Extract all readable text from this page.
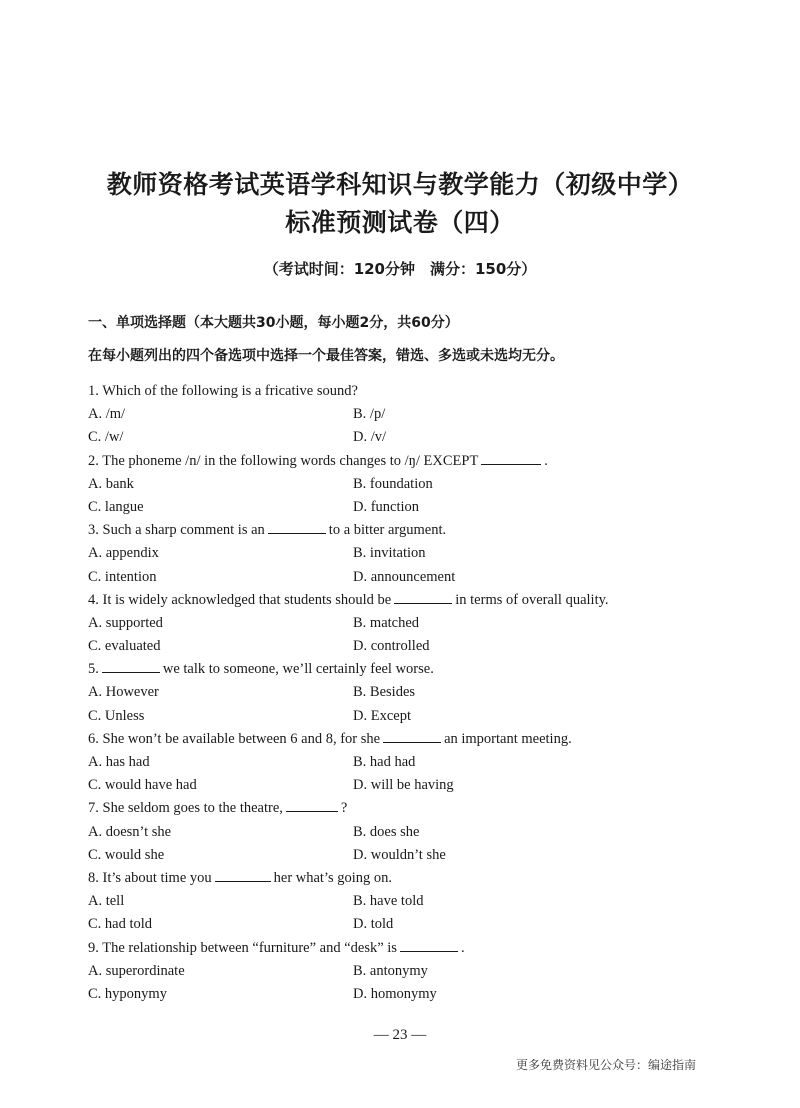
教师资格考试英语学科知识与教学能力（初级中学）
标准预测试卷（四）
（考试时间：120分钟　满分：150分）
一、单项选择题（本大题共30小题，每小题2分，共60分）
在每小题列出的四个备选项中选择一个最佳答案，错选、多选或未选均无分。
1. Which of the following is a fricative sound?
A. /m/	B. /p/
C. /w/	D. /v/
2. The phoneme /n/ in the following words changes to /ŋ/ EXCEPT	.
A. bank	B. foundation
C. langue	D. function
3. Such a sharp comment is an	to a bitter argument.
A. appendix	B. invitation
C. intention	D. announcement
4. It is widely acknowledged that students should be	in terms of overall quality.
A. supported	B. matched
C. evaluated	D. controlled
5.	we talk to someone, we’ll certainly feel worse.
A. However	B. Besides
C. Unless	D. Except
6. She won’t be available between 6 and 8, for she	an important meeting.
A. has had	B. had had
C. would have had	D. will be having
7. She seldom goes to the theatre,	?
A. doesn’t she	B. does she
C. would she	D. wouldn’t she
8. It’s about time you	her what’s going on.
A. tell	B. have told
C. had told	D. told
9. The relationship between “furniture” and “desk” is	.
A. superordinate	B. antonymy
C. hyponymy	D. homonymy
— 23 —
更多免费资料见公众号：编途指南
